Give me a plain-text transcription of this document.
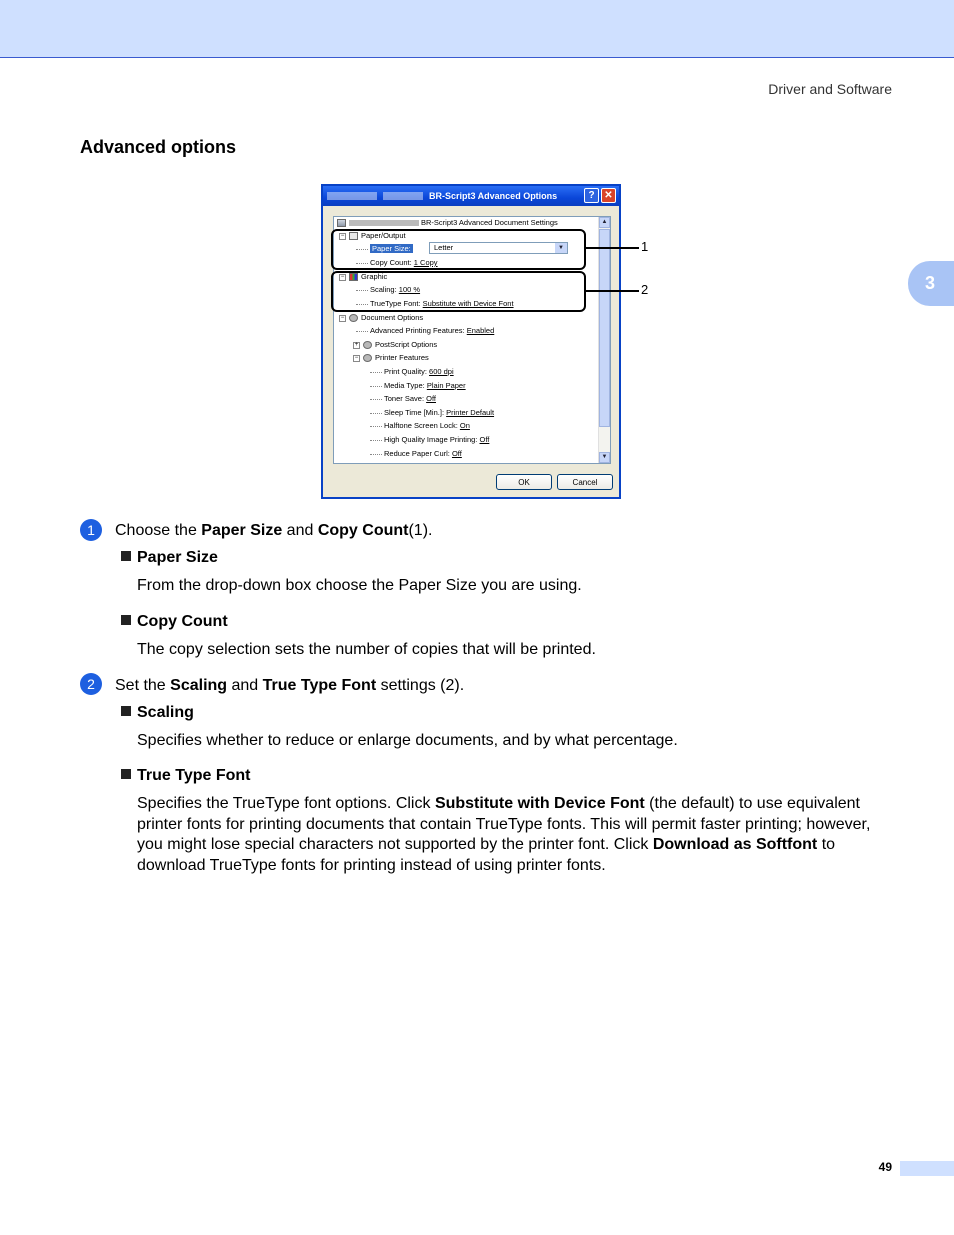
Driver and Software
3
Advanced options
BR-Script3 Advanced Options	? ✕
BR-Script3 Advanced Document Settings
− Paper/Output
Paper Size:	Letter	▼
Copy Count: 1 Copy
− Graphic
Scaling: 100 %
TrueType Font: Substitute with Device Font
− Document Options
Advanced Printing Features: Enabled
+ PostScript Options
− Printer Features
Print Quality: 600 dpi
Media Type: Plain Paper
Toner Save: Off
Sleep Time [Min.]: Printer Default
Halftone Screen Lock: On
High Quality Image Printing: Off
Reduce Paper Curl: Off
▲
▼
OK	Cancel
1
2
1	Choose the Paper Size and Copy Count(1).
Paper Size
From the drop-down box choose the Paper Size you are using.
Copy Count
The copy selection sets the number of copies that will be printed.
2	Set the Scaling and True Type Font settings (2).
Scaling
Specifies whether to reduce or enlarge documents, and by what percentage.
True Type Font
Specifies the TrueType font options. Click Substitute with Device Font (the default) to use equivalent printer fonts for printing documents that contain TrueType fonts. This will permit faster printing; however, you might lose special characters not supported by the printer font. Click Download as Softfont to download TrueType fonts for printing instead of using printer fonts.
49
